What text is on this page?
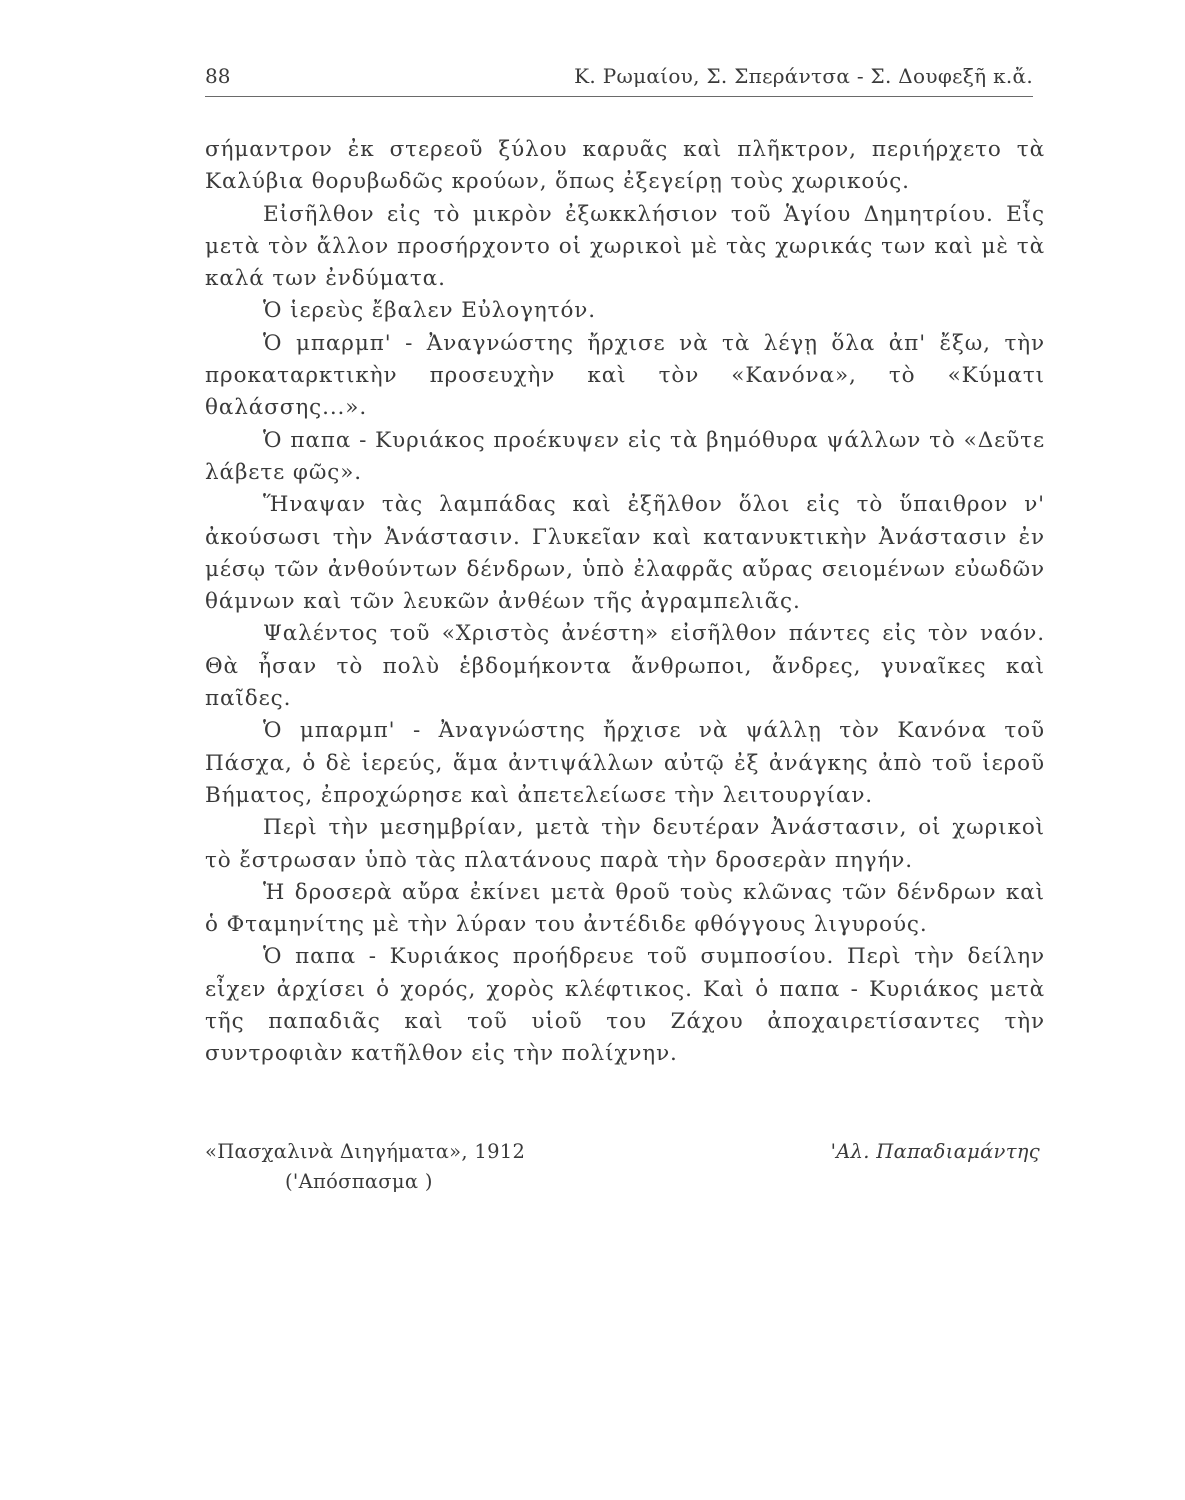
88	Κ. Ρωμαίου, Σ. Σπεράντσα - Σ. Δουφεξῆ κ.ἄ.

σήμαντρον ἐκ στερεοῦ ξύλου καρυᾶς καὶ πλῆκτρον, περιήρχετο τὰ Καλύβια θορυβωδῶς κρούων, ὅπως ἐξεγείρῃ τοὺς χωρικούς.

Εἰσῆλθον εἰς τὸ μικρὸν ἐξωκκλήσιον τοῦ Ἁγίου Δημητρίου. Εἷς μετὰ τὸν ἄλλον προσήρχοντο οἱ χωρικοὶ μὲ τὰς χωρικάς των καὶ μὲ τὰ καλά των ἐνδύματα.

Ὁ ἱερεὺς ἔβαλεν Εὐλογητόν.

Ὁ μπαρμπ' - Ἀναγνώστης ἤρχισε νὰ τὰ λέγῃ ὅλα ἀπ' ἔξω, τὴν προκαταρκτικὴν προσευχὴν καὶ τὸν «Κανόνα», τὸ «Κύματι θαλάσσης...».

Ὁ παπα - Κυριάκος προέκυψεν εἰς τὰ βημόθυρα ψάλλων τὸ «Δεῦτε λάβετε φῶς».

Ἥναψαν τὰς λαμπάδας καὶ ἐξῆλθον ὅλοι εἰς τὸ ὕπαιθρον ν' ἀκούσωσι τὴν Ἀνάστασιν. Γλυκεῖαν καὶ κατανυκτικὴν Ἀνάστασιν ἐν μέσῳ τῶν ἀνθούντων δένδρων, ὑπὸ ἐλαφρᾶς αὔρας σειομένων εὐωδῶν θάμνων καὶ τῶν λευκῶν ἀνθέων τῆς ἀγραμπελιᾶς.

Ψαλέντος τοῦ «Χριστὸς ἀνέστη» εἰσῆλθον πάντες εἰς τὸν ναόν. Θὰ ἦσαν τὸ πολὺ ἑβδομήκοντα ἄνθρωποι, ἄνδρες, γυναῖκες καὶ παῖδες.

Ὁ μπαρμπ' - Ἀναγνώστης ἤρχισε νὰ ψάλλῃ τὸν Κανόνα τοῦ Πάσχα, ὁ δὲ ἱερεύς, ἅμα ἀντιψάλλων αὐτῷ ἐξ ἀνάγκης ἀπὸ τοῦ ἱεροῦ Βήματος, ἐπροχώρησε καὶ ἀπετελείωσε τὴν λειτουργίαν.

Περὶ τὴν μεσημβρίαν, μετὰ τὴν δευτέραν Ἀνάστασιν, οἱ χωρικοὶ τὸ ἔστρωσαν ὑπὸ τὰς πλατάνους παρὰ τὴν δροσερὰν πηγήν.

Ἡ δροσερὰ αὔρα ἐκίνει μετὰ θροῦ τοὺς κλῶνας τῶν δένδρων καὶ ὁ Φταμηνίτης μὲ τὴν λύραν του ἀντέδιδε φθόγγους λιγυρούς.

Ὁ παπα - Κυριάκος προήδρευε τοῦ συμποσίου. Περὶ τὴν δείλην εἶχεν ἀρχίσει ὁ χορός, χορὸς κλέφτικος. Καὶ ὁ παπα - Κυριάκος μετὰ τῆς παπαδιᾶς καὶ τοῦ υἱοῦ του Ζάχου ἀποχαιρετίσαντες τὴν συντροφιὰν κατῆλθον εἰς τὴν πολίχνην.

«Πασχαλινὰ Διηγήματα», 1912
('Απόσπασμα )
'Αλ. Παπαδιαμάντης
